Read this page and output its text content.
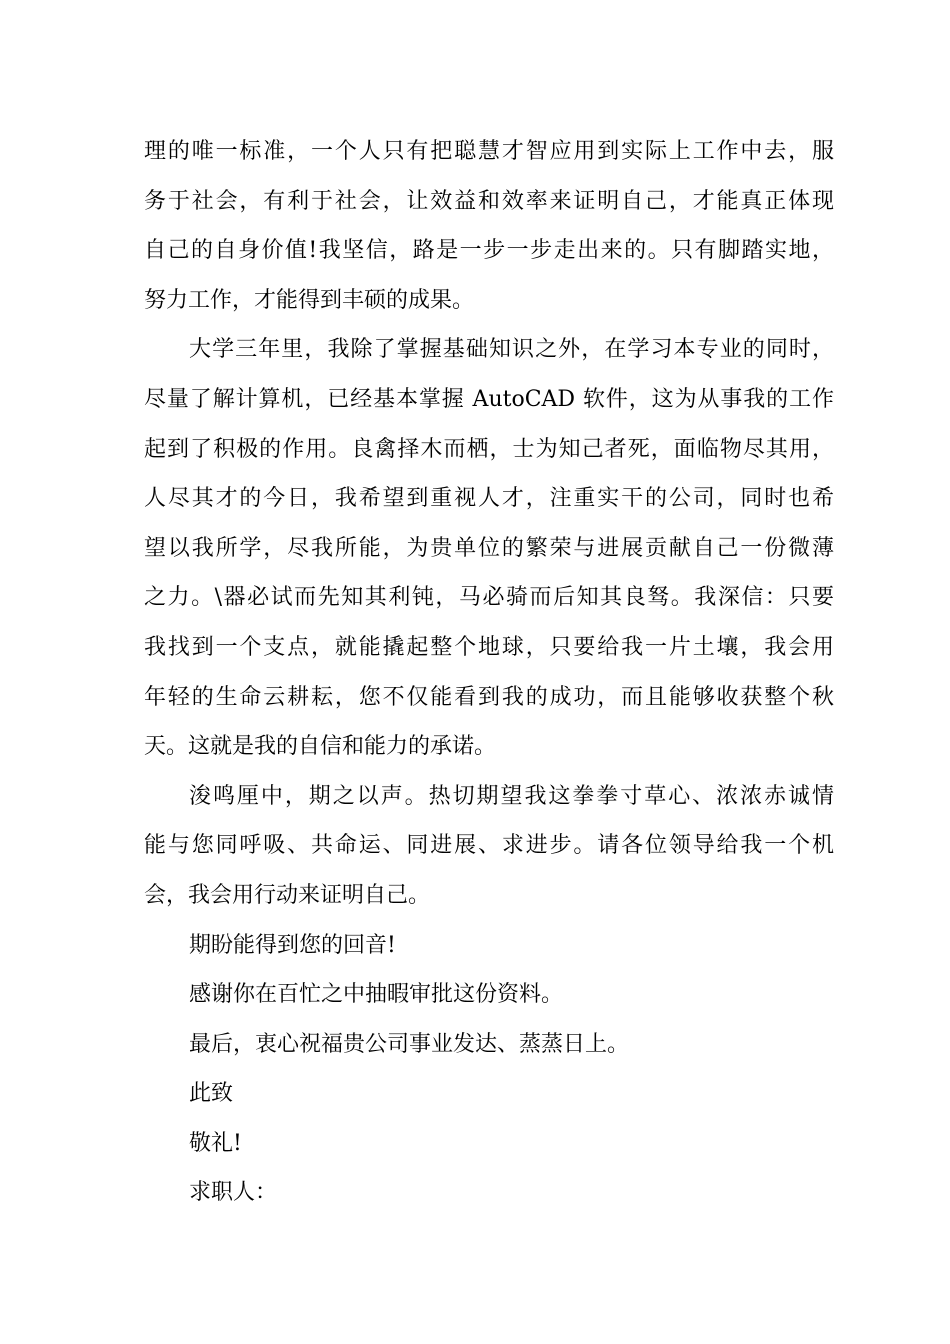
理的唯一标准，一个人只有把聪慧才智应用到实际上工作中去，服
务于社会，有利于社会，让效益和效率来证明自己，才能真正体现
自己的自身价值!我坚信，路是一步一步走出来的。只有脚踏实地，
努力工作，才能得到丰硕的成果。
大学三年里，我除了掌握基础知识之外，在学习本专业的同时，
尽量了解计算机，已经基本掌握 AutoCAD 软件，这为从事我的工作
起到了积极的作用。良禽择木而栖，士为知己者死，面临物尽其用，
人尽其才的今日，我希望到重视人才，注重实干的公司，同时也希
望以我所学，尽我所能，为贵单位的繁荣与进展贡献自己一份微薄
之力。\器必试而先知其利钝，马必骑而后知其良驽。我深信：只要
我找到一个支点，就能撬起整个地球，只要给我一片土壤，我会用
年轻的生命云耕耘，您不仅能看到我的成功，而且能够收获整个秋
天。这就是我的自信和能力的承诺。
浚鸣厘中，期之以声。热切期望我这拳拳寸草心、浓浓赤诚情
能与您同呼吸、共命运、同进展、求进步。请各位领导给我一个机
会，我会用行动来证明自己。
期盼能得到您的回音!
感谢你在百忙之中抽暇审批这份资料。
最后，衷心祝福贵公司事业发达、蒸蒸日上。
此致
敬礼!
求职人：
